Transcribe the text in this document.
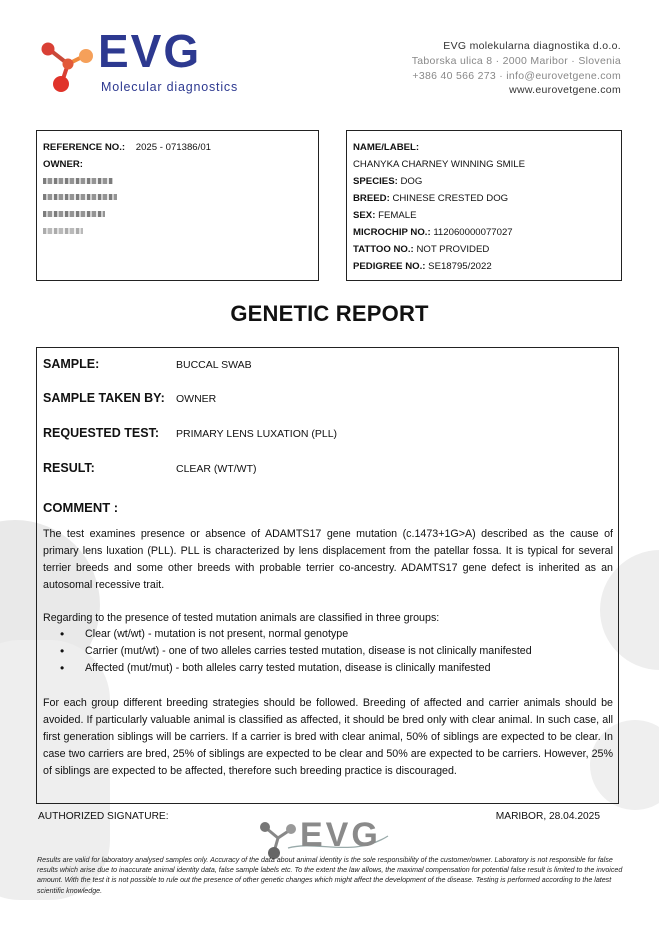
EVG
Molecular diagnostics
EVG molekularna diagnostika d.o.o.
Taborska ulica 8 · 2000 Maribor · Slovenia
+386 40 566 273 · info@eurovetgene.com
www.eurovetgene.com
REFERENCE NO.: 2025 - 071386/01
OWNER:
NAME/LABEL:
CHANYKA CHARNEY WINNING SMILE
SPECIES: DOG
BREED: CHINESE CRESTED DOG
SEX: FEMALE
MICROCHIP NO.: 112060000077027
TATTOO NO.: NOT PROVIDED
PEDIGREE NO.: SE18795/2022
GENETIC REPORT
SAMPLE:	BUCCAL SWAB
SAMPLE TAKEN BY: OWNER
REQUESTED TEST: PRIMARY LENS LUXATION (PLL)
RESULT:	CLEAR (WT/WT)
COMMENT :
The test examines presence or absence of ADAMTS17 gene mutation (c.1473+1G>A) described as the cause of primary lens luxation (PLL). PLL is characterized by lens displacement from the patellar fossa. It is typical for several terrier breeds and some other breeds with probable terrier co-ancestry. ADAMTS17 gene defect is inherited as an autosomal recessive trait.
Regarding to the presence of tested mutation animals are classified in three groups:
• Clear (wt/wt) - mutation is not present, normal genotype
• Carrier (mut/wt) - one of two alleles carries tested mutation, disease is not clinically manifested
• Affected (mut/mut) - both alleles carry tested mutation, disease is clinically manifested
For each group different breeding strategies should be followed. Breeding of affected and carrier animals should be avoided. If particularly valuable animal is classified as affected, it should be bred only with clear animal. In such case, all first generation siblings will be carriers. If a carrier is bred with clear animal, 50% of siblings are expected to be clear. In case two carriers are bred, 25% of siblings are expected to be clear and 50% are expected to be carriers. However, 25% of siblings are expected to be affected, therefore such breeding practice is discouraged.
AUTHORIZED SIGNATURE:	MARIBOR, 28.04.2025
EVG
Results are valid for laboratory analysed samples only. Accuracy of the data about animal identity is the sole responsibility of the customer/owner. Laboratory is not responsible for false results which arise due to inaccurate animal identity data, false sample labels etc. To the extent the law allows, the maximal compensation for potential false result is limited to the invoiced amount. With the test it is not possible to rule out the presence of other genetic changes which might affect the development of the disease. Testing is performed according to the latest scientific knowledge.
